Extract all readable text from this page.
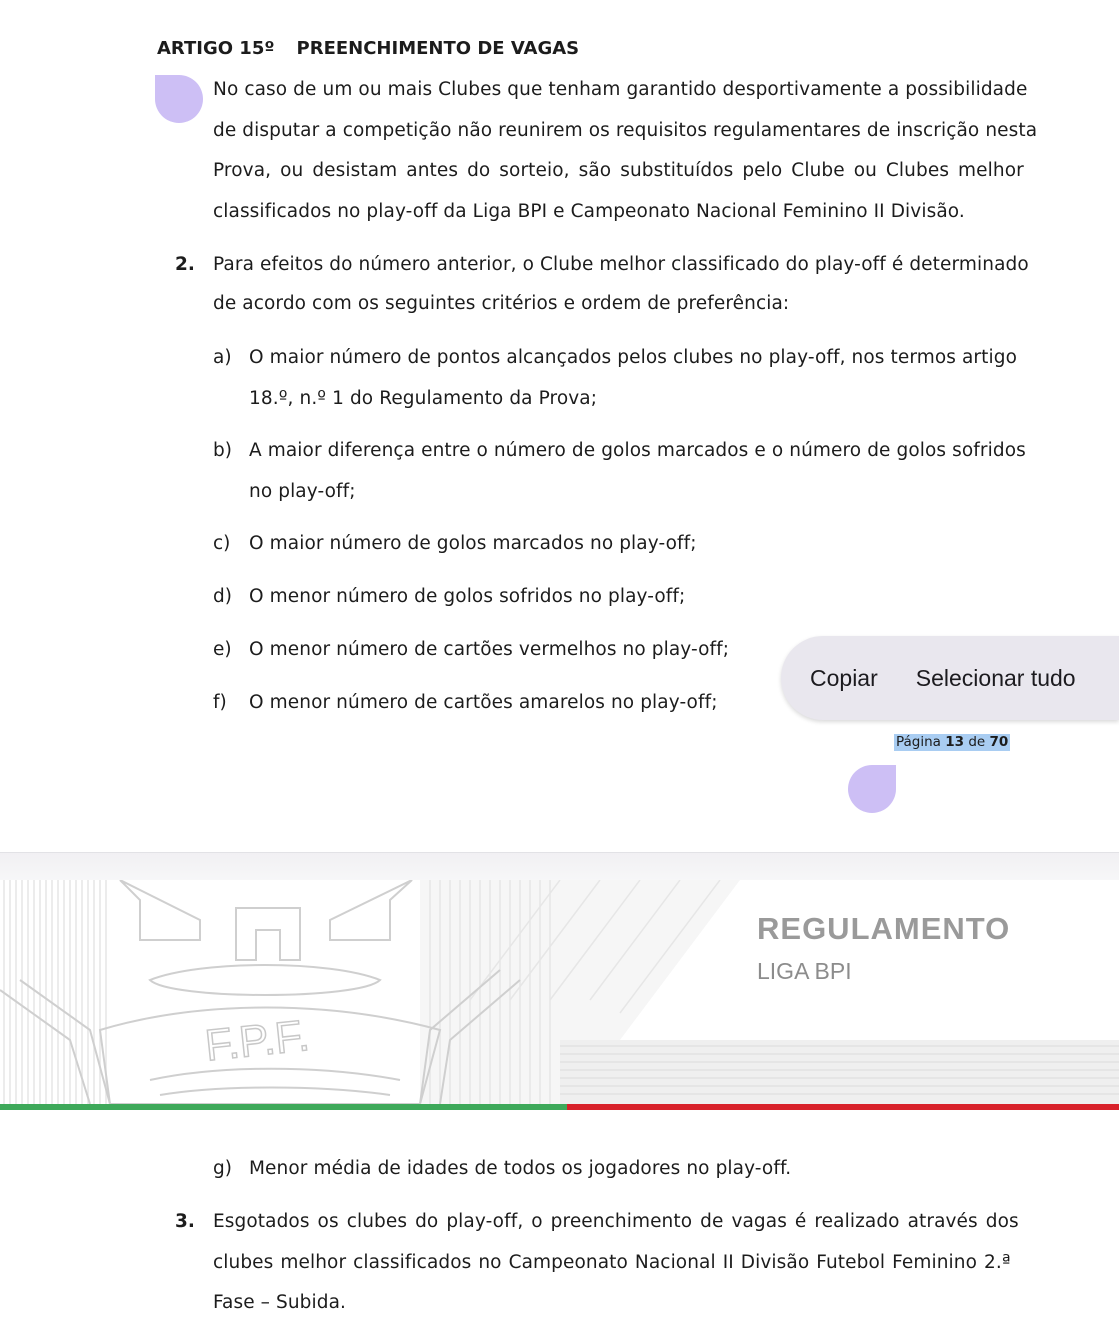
ARTIGO 15º PREENCHIMENTO DE VAGAS
No caso de um ou mais Clubes que tenham garantido desportivamente a possibilidade
de disputar a competição não reunirem os requisitos regulamentares de inscrição nesta
Prova, ou desistam antes do sorteio, são substituídos pelo Clube ou Clubes melhor
classificados no play-off da Liga BPI e Campeonato Nacional Feminino II Divisão.
2. Para efeitos do número anterior, o Clube melhor classificado do play-off é determinado
de acordo com os seguintes critérios e ordem de preferência:
a) O maior número de pontos alcançados pelos clubes no play-off, nos termos artigo
18.º, n.º 1 do Regulamento da Prova;
b) A maior diferença entre o número de golos marcados e o número de golos sofridos
no play-off;
c) O maior número de golos marcados no play-off;
d) O menor número de golos sofridos no play-off;
e) O menor número de cartões vermelhos no play-off;
f) O menor número de cartões amarelos no play-off;
Copiar Selecionar tudo
Página 13 de 70
F.P.F.
REGULAMENTO
LIGA BPI
g) Menor média de idades de todos os jogadores no play-off.
3. Esgotados os clubes do play-off, o preenchimento de vagas é realizado através dos
clubes melhor classificados no Campeonato Nacional II Divisão Futebol Feminino 2.ª
Fase – Subida.
